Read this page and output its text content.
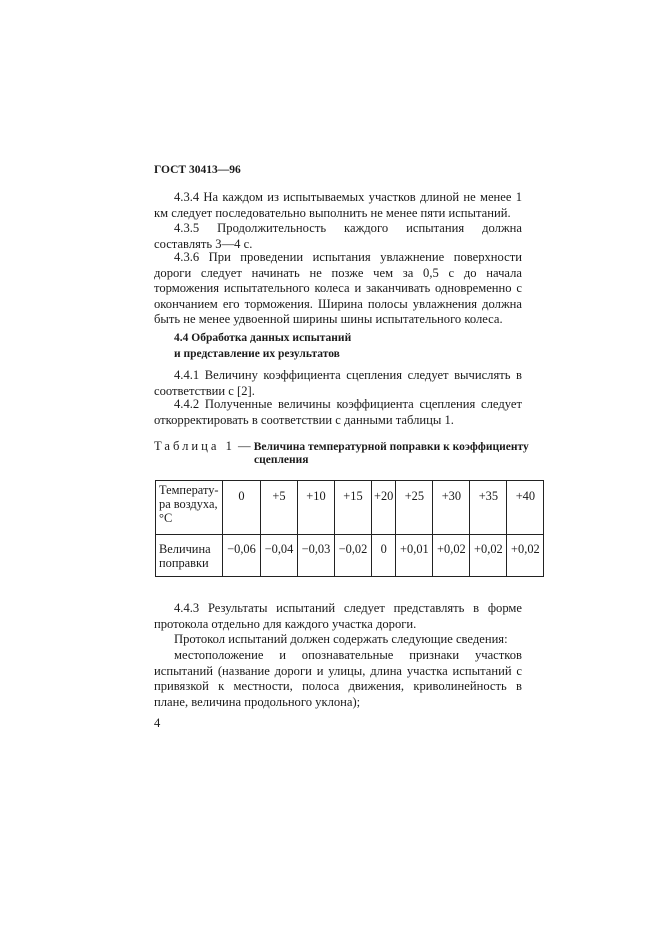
ГОСТ 30413—96
4.3.4 На каждом из испытываемых участков длиной не менее 1 км следует последовательно выполнить не менее пяти испытаний.
4.3.5 Продолжительность каждого испытания должна составлять 3—4 с.
4.3.6 При проведении испытания увлажнение поверхности дороги следует начинать не позже чем за 0,5 с до начала торможения испытательного колеса и заканчивать одновременно с окончанием его торможения. Ширина полосы увлажнения должна быть не менее удвоенной ширины шины испытательного колеса.
4.4 Обработка данных испытаний
и представление их результатов
4.4.1 Величину коэффициента сцепления следует вычислять в соответствии с [2].
4.4.2 Полученные величины коэффициента сцепления следует откорректировать в соответствии с данными таблицы 1.
Таблица 1 — Величина температурной поправки к коэффициенту
сцепления
Температу-
ра воздуха,
°С	0	+5	+10	+15	+20	+25	+30	+35	+40

Величина
поправки	−0,06	−0,04	−0,03	−0,02	0	+0,01	+0,02	+0,02	+0,02
4.4.3 Результаты испытаний следует представлять в форме протокола отдельно для каждого участка дороги.
Протокол испытаний должен содержать следующие сведения:
местоположение и опознавательные признаки участков испытаний (название дороги и улицы, длина участка испытаний с привязкой к местности, полоса движения, криволинейность в плане, величина продольного уклона);
4
